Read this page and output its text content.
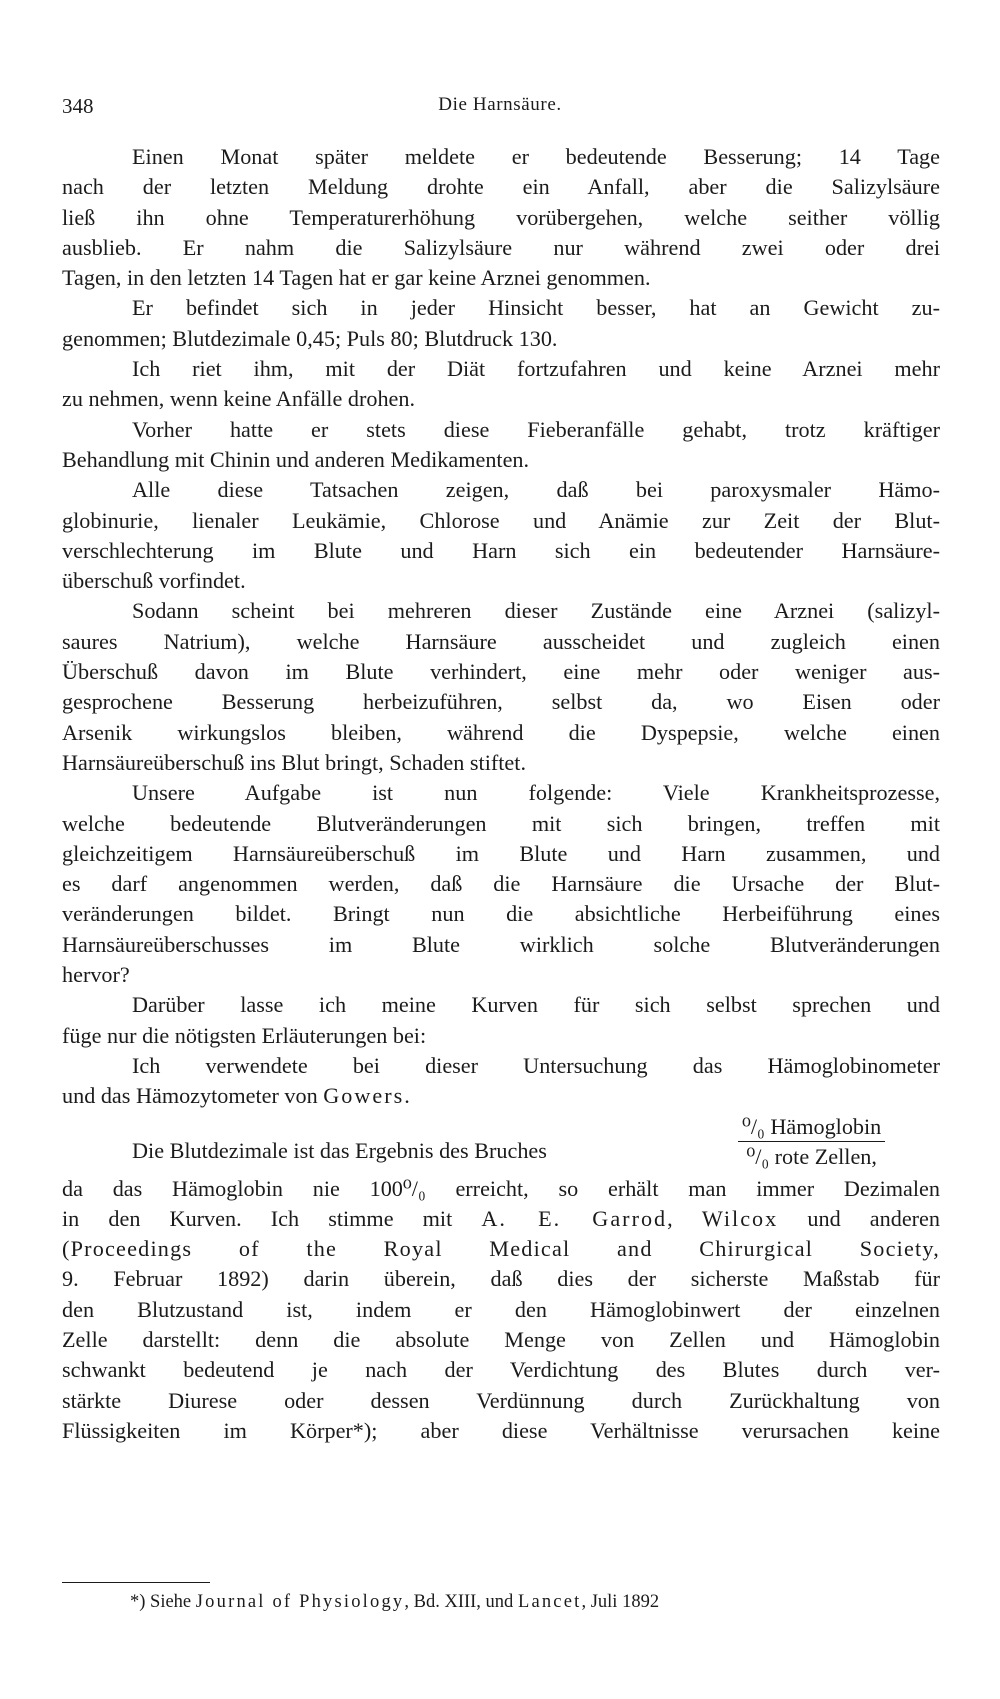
348	Die Harnsäure.
Einen Monat später meldete er bedeutende Besserung; 14 Tage
nach der letzten Meldung drohte ein Anfall, aber die Salizylsäure
ließ ihn ohne Temperaturerhöhung vorübergehen, welche seither völlig
ausblieb. Er nahm die Salizylsäure nur während zwei oder drei
Tagen, in den letzten 14 Tagen hat er gar keine Arznei genommen.
Er befindet sich in jeder Hinsicht besser, hat an Gewicht zu-
genommen; Blutdezimale 0,45; Puls 80; Blutdruck 130.
Ich riet ihm, mit der Diät fortzufahren und keine Arznei mehr
zu nehmen, wenn keine Anfälle drohen.
Vorher hatte er stets diese Fieberanfälle gehabt, trotz kräftiger
Behandlung mit Chinin und anderen Medikamenten.
Alle diese Tatsachen zeigen, daß bei paroxysmaler Hämo-
globinurie, lienaler Leukämie, Chlorose und Anämie zur Zeit der Blut-
verschlechterung im Blute und Harn sich ein bedeutender Harnsäure-
überschuß vorfindet.
Sodann scheint bei mehreren dieser Zustände eine Arznei (salizyl-
saures Natrium), welche Harnsäure ausscheidet und zugleich einen
Überschuß davon im Blute verhindert, eine mehr oder weniger aus-
gesprochene Besserung herbeizuführen, selbst da, wo Eisen oder
Arsenik wirkungslos bleiben, während die Dyspepsie, welche einen
Harnsäureüberschuß ins Blut bringt, Schaden stiftet.
Unsere Aufgabe ist nun folgende: Viele Krankheitsprozesse,
welche bedeutende Blutveränderungen mit sich bringen, treffen mit
gleichzeitigem Harnsäureüberschuß im Blute und Harn zusammen, und
es darf angenommen werden, daß die Harnsäure die Ursache der Blut-
veränderungen bildet. Bringt nun die absichtliche Herbeiführung eines
Harnsäureüberschusses im Blute wirklich solche Blutveränderungen
hervor?
Darüber lasse ich meine Kurven für sich selbst sprechen und
füge nur die nötigsten Erläuterungen bei:
Ich verwendete bei dieser Untersuchung das Hämoglobinometer
und das Hämozytometer von Gowers.
Die Blutdezimale ist das Ergebnis des Bruches
⁰/₀ Hämoglobin
⁰/₀ rote Zellen,
da das Hämoglobin nie 100⁰/₀ erreicht, so erhält man immer Dezimalen
in den Kurven. Ich stimme mit A. E. Garrod, Wilcox und anderen
(Proceedings of the Royal Medical and Chirurgical Society,
9. Februar 1892) darin überein, daß dies der sicherste Maßstab für
den Blutzustand ist, indem er den Hämoglobinwert der einzelnen
Zelle darstellt: denn die absolute Menge von Zellen und Hämoglobin
schwankt bedeutend je nach der Verdichtung des Blutes durch ver-
stärkte Diurese oder dessen Verdünnung durch Zurückhaltung von
Flüssigkeiten im Körper*); aber diese Verhältnisse verursachen keine
*) Siehe Journal of Physiology, Bd. XIII, und Lancet, Juli 1892
